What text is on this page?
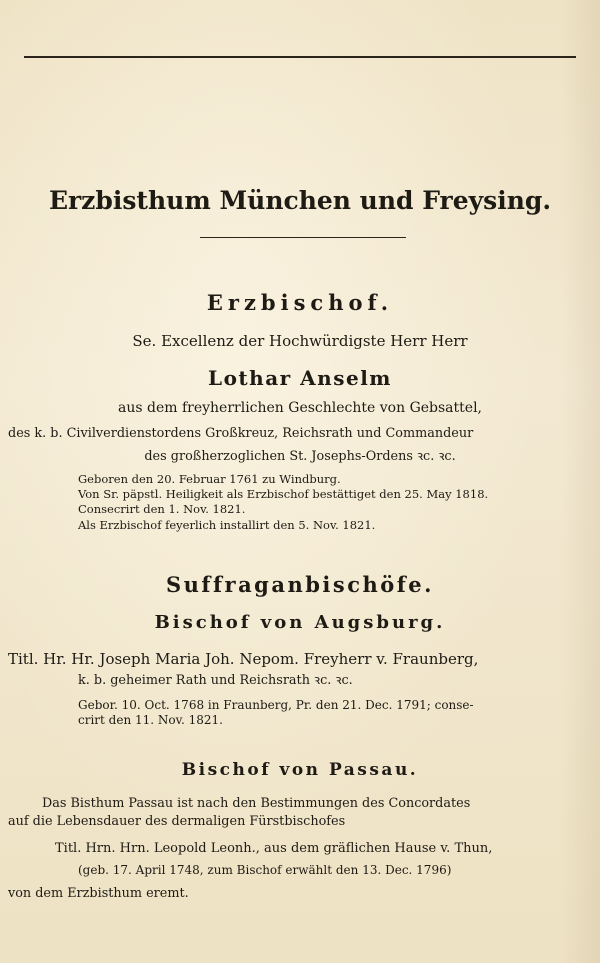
Erzbisthum München und Freysing.
Erzbischof.
Se. Excellenz der Hochwürdigste Herr Herr
Lothar Anselm
aus dem freyherrlichen Geschlechte von Gebsattel,
des k. b. Civilverdienstordens Großkreuz, Reichsrath und Commandeur
des großherzoglichen St. Josephs-Ordens ꝛc. ꝛc.
Geboren den 20. Februar 1761 zu Windburg.
Von Sr. päpstl. Heiligkeit als Erzbischof bestättiget den 25. May 1818.
Consecrirt den 1. Nov. 1821.
Als Erzbischof feyerlich installirt den 5. Nov. 1821.
Suffraganbischöfe.
Bischof von Augsburg.
Titl. Hr. Hr. Joseph Maria Joh. Nepom. Freyherr v. Fraunberg,
k. b. geheimer Rath und Reichsrath ꝛc. ꝛc.
Gebor. 10. Oct. 1768 in Fraunberg, Pr. den 21. Dec. 1791; conse-
crirt den 11. Nov. 1821.
Bischof von Passau.
Das Bisthum Passau ist nach den Bestimmungen des Concordates
auf die Lebensdauer des dermaligen Fürstbischofes
Titl. Hrn. Hrn. Leopold Leonh., aus dem gräflichen Hause v. Thun,
(geb. 17. April 1748, zum Bischof erwählt den 13. Dec. 1796)
von dem Erzbisthum eremt.
